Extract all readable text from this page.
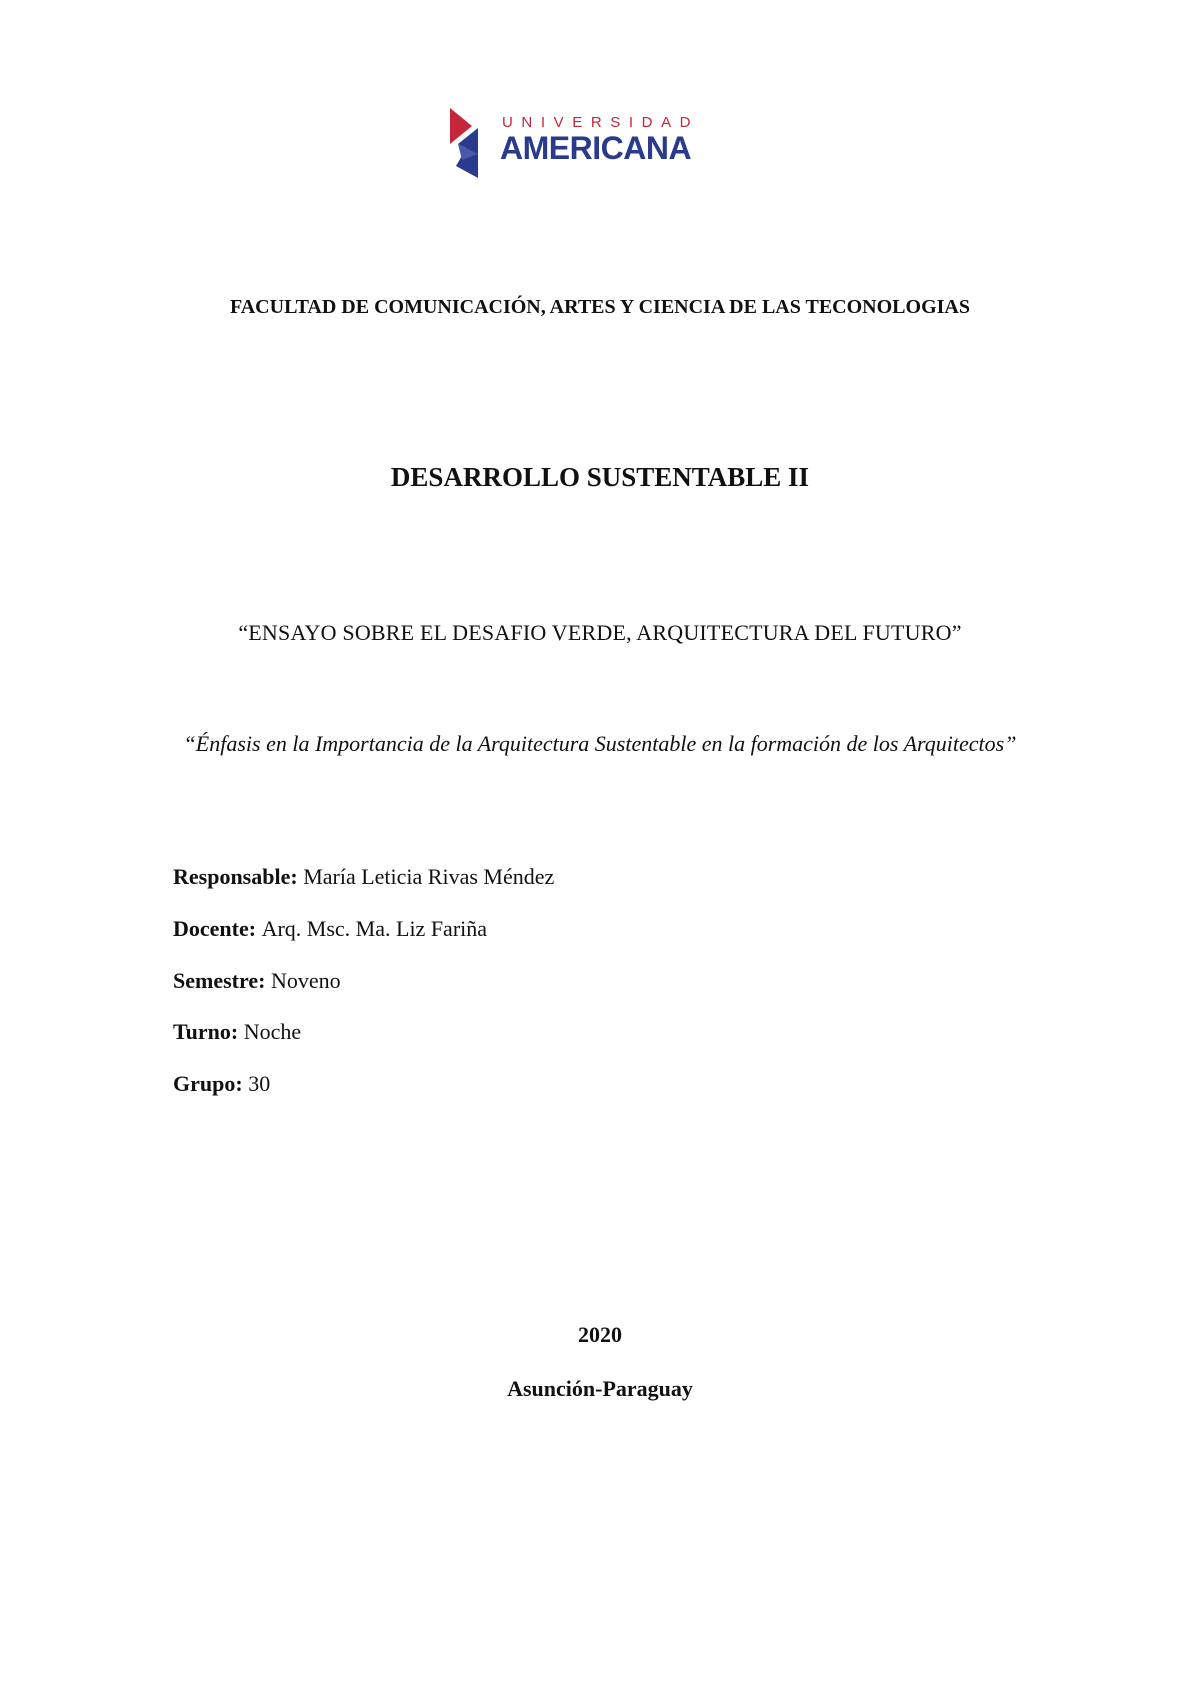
UNIVERSIDAD
AMERICANA
FACULTAD DE COMUNICACIÓN, ARTES Y CIENCIA DE LAS TECONOLOGIAS
DESARROLLO SUSTENTABLE II
“ENSAYO SOBRE EL DESAFIO VERDE, ARQUITECTURA DEL FUTURO”
“Énfasis en la Importancia de la Arquitectura Sustentable en la formación de los Arquitectos”
Responsable: María Leticia Rivas Méndez
Docente: Arq. Msc. Ma. Liz Fariña
Semestre: Noveno
Turno: Noche
Grupo: 30
2020
Asunción-Paraguay
